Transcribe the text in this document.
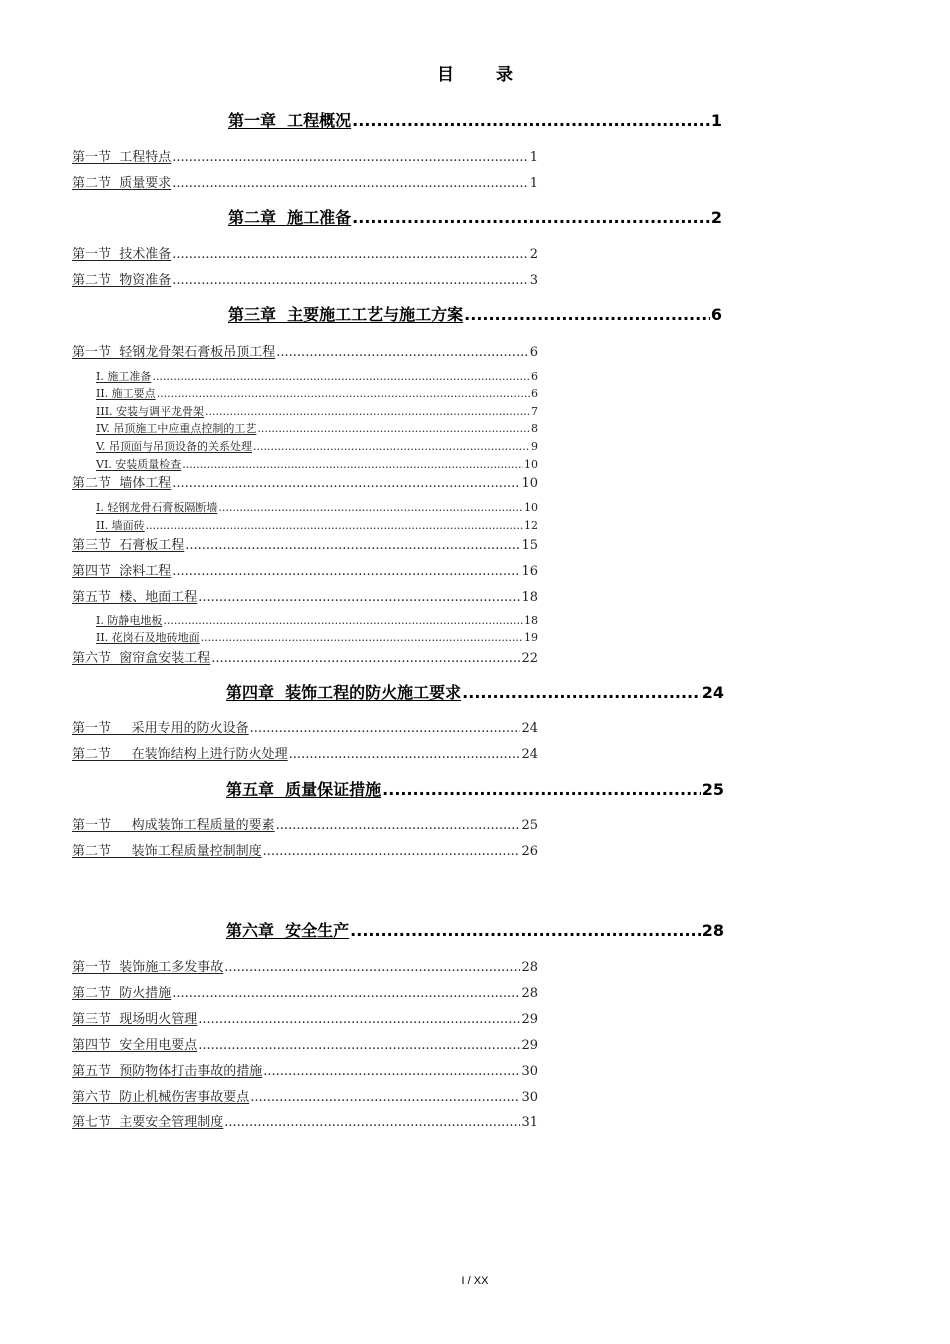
目 录
第一章  工程概况 .....	1
第一节  工程特点 .....	1
第二节  质量要求 .....	1
第二章  施工准备 .....	2
第一节  技术准备 .....	2
第二节  物资准备 .....	3
第三章  主要施工工艺与施工方案 .....	6
第一节  轻钢龙骨架石膏板吊顶工程 .....	6
I. 施工准备 .....	6
II. 施工要点 .....	6
III. 安装与调平龙骨架 .....	7
IV. 吊顶施工中应重点控制的工艺 .....	8
V. 吊顶面与吊顶设备的关系处理 .....	9
VI. 安装质量检查 .....	10
第二节  墙体工程 .....	10
I. 轻钢龙骨石膏板隔断墙 .....	10
II. 墙面砖 .....	12
第三节  石膏板工程 .....	15
第四节  涂料工程 .....	16
第五节  楼、地面工程 .....	18
I. 防静电地板 .....	18
II. 花岗石及地砖地面 .....	19
第六节  窗帘盒安装工程 .....	22
第四章  装饰工程的防火施工要求 .....	24
第一节     采用专用的防火设备 .....	24
第二节     在装饰结构上进行防火处理 .....	24
第五章  质量保证措施 .....	25
第一节     构成装饰工程质量的要素 .....	25
第二节     装饰工程质量控制制度 .....	26
第六章  安全生产 .....	28
第一节  装饰施工多发事故 .....	28
第二节  防火措施 .....	28
第三节  现场明火管理 .....	29
第四节  安全用电要点 .....	29
第五节  预防物体打击事故的措施 .....	30
第六节  防止机械伤害事故要点 .....	30
第七节  主要安全管理制度 .....	31
I / XX
